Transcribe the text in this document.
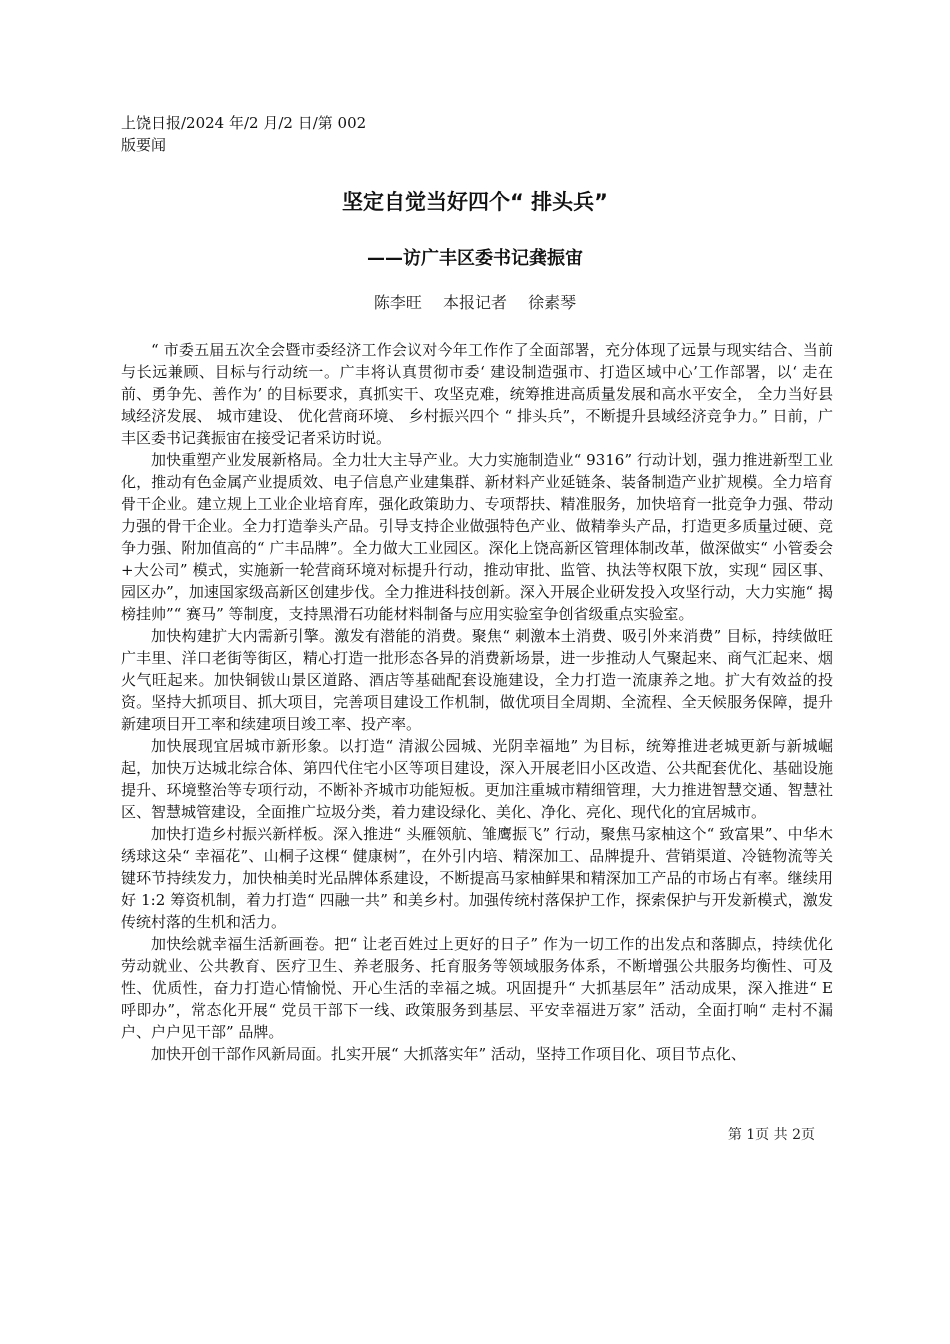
上饶日报/2024 年/2 月/2 日/第 002
版要闻
坚定自觉当好四个“ 排头兵”
——访广丰区委书记龚振宙
陈李旺 本报记者 徐素琴

“ 市委五届五次全会暨市委经济工作会议对今年工作作了全面部署，充分体现了远景与现实结合、当前与长远兼顾、目标与行动统一。广丰将认真贯彻市委‘ 建设制造强市、打造区域中心’工作部署，以‘ 走在前、勇争先、善作为’ 的目标要求，真抓实干、攻坚克难，统筹推进高质量发展和高水平安全， 全力当好县域经济发展、 城市建设、 优化营商环境、 乡村振兴四个 “ 排头兵”，不断提升县域经济竞争力。” 日前，广丰区委书记龚振宙在接受记者采访时说。

加快重塑产业发展新格局。全力壮大主导产业。大力实施制造业“ 9316” 行动计划，强力推进新型工业化，推动有色金属产业提质效、电子信息产业建集群、新材料产业延链条、装备制造产业扩规模。全力培育骨干企业。建立规上工业企业培育库，强化政策助力、专项帮扶、精准服务，加快培育一批竞争力强、带动力强的骨干企业。全力打造拳头产品。引导支持企业做强特色产业、做精拳头产品，打造更多质量过硬、竞争力强、附加值高的“ 广丰品牌”。全力做大工业园区。深化上饶高新区管理体制改革，做深做实“ 小管委会+大公司” 模式，实施新一轮营商环境对标提升行动，推动审批、监管、执法等权限下放，实现“ 园区事、园区办”，加速国家级高新区创建步伐。全力推进科技创新。深入开展企业研发投入攻坚行动，大力实施“ 揭榜挂帅”“ 赛马” 等制度，支持黑滑石功能材料制备与应用实验室争创省级重点实验室。

加快构建扩大内需新引擎。激发有潜能的消费。聚焦“ 刺激本土消费、吸引外来消费” 目标，持续做旺广丰里、洋口老街等街区，精心打造一批形态各异的消费新场景，进一步推动人气聚起来、商气汇起来、烟火气旺起来。加快铜钹山景区道路、酒店等基础配套设施建设，全力打造一流康养之地。扩大有效益的投资。坚持大抓项目、抓大项目，完善项目建设工作机制，做优项目全周期、全流程、全天候服务保障，提升新建项目开工率和续建项目竣工率、投产率。

加快展现宜居城市新形象。以打造“ 清淑公园城、光阴幸福地” 为目标，统筹推进老城更新与新城崛起，加快万达城北综合体、第四代住宅小区等项目建设，深入开展老旧小区改造、公共配套优化、基础设施提升、环境整治等专项行动，不断补齐城市功能短板。更加注重城市精细管理，大力推进智慧交通、智慧社区、智慧城管建设，全面推广垃圾分类，着力建设绿化、美化、净化、亮化、现代化的宜居城市。

加快打造乡村振兴新样板。深入推进“ 头雁领航、雏鹰振飞” 行动，聚焦马家柚这个“ 致富果”、中华木绣球这朵“ 幸福花”、山桐子这棵“ 健康树”，在外引内培、精深加工、品牌提升、营销渠道、冷链物流等关键环节持续发力，加快柚美时光品牌体系建设，不断提高马家柚鲜果和精深加工产品的市场占有率。继续用好 1:2 筹资机制，着力打造“ 四融一共” 和美乡村。加强传统村落保护工作，探索保护与开发新模式，激发传统村落的生机和活力。

加快绘就幸福生活新画卷。把“ 让老百姓过上更好的日子” 作为一切工作的出发点和落脚点，持续优化劳动就业、公共教育、医疗卫生、养老服务、托育服务等领域服务体系，不断增强公共服务均衡性、可及性、优质性，奋力打造心情愉悦、开心生活的幸福之城。巩固提升“ 大抓基层年” 活动成果，深入推进“ E 呼即办”，常态化开展“ 党员干部下一线、政策服务到基层、平安幸福进万家” 活动，全面打响“ 走村不漏户、户户见干部” 品牌。

加快开创干部作风新局面。扎实开展“ 大抓落实年” 活动，坚持工作项目化、项目节点化、

第 1页 共 2页
